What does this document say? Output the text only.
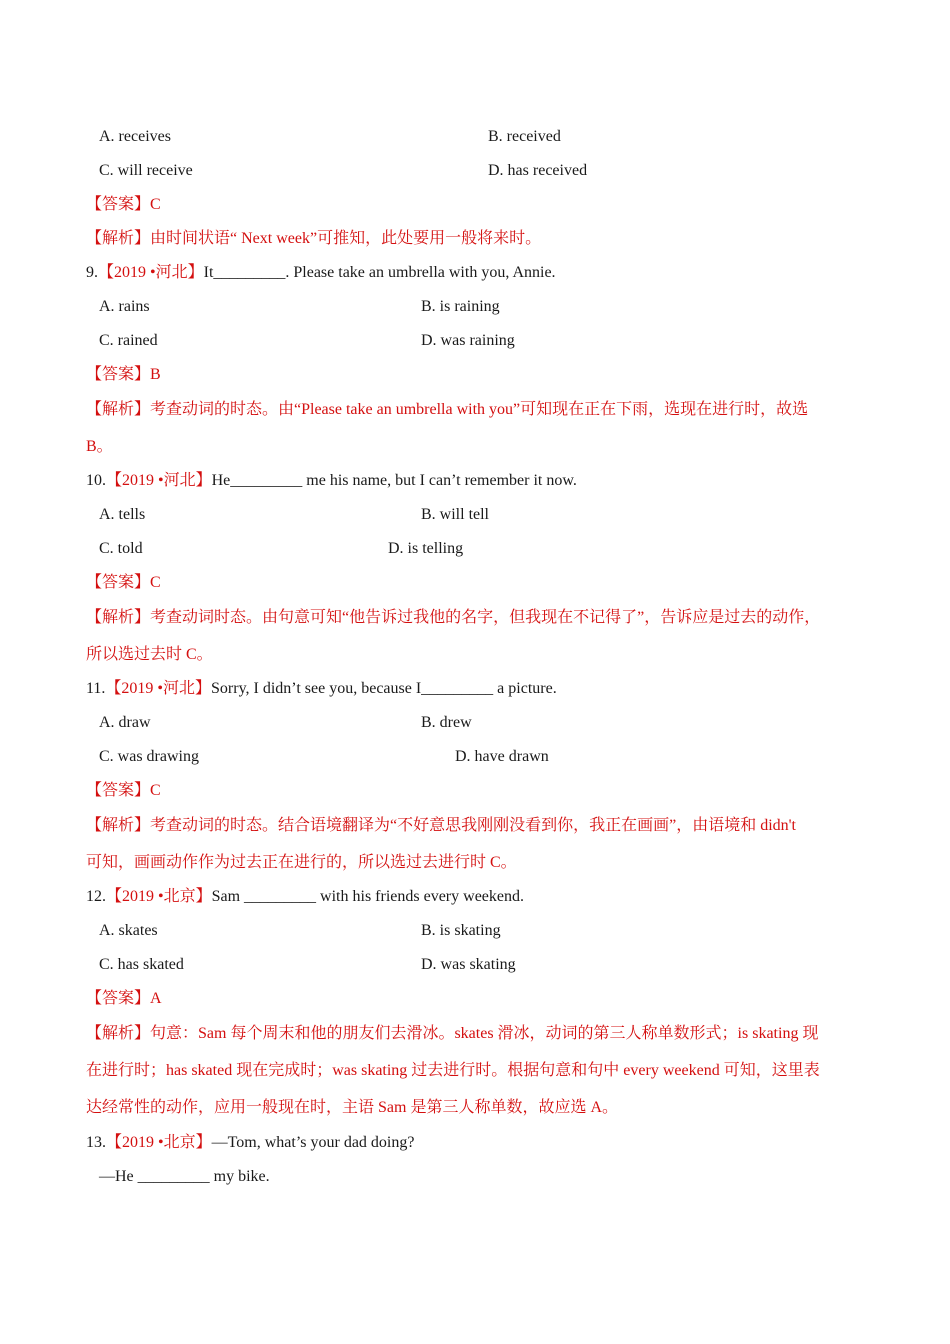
A. receives	B. received
C. will receive	D. has received
【答案】C
【解析】由时间状语“ Next week”可推知，此处要用一般将来时。
9.【2019 •河北】It_________. Please take an umbrella with you, Annie.
A. rains	B. is raining
C. rained	D. was raining
【答案】B
【解析】考查动词的时态。由“Please take an umbrella with you”可知现在正在下雨，选现在进行时，故选
B。
10.【2019 •河北】He_________ me his name, but I can’t remember it now.
A. tells	B. will tell
C. told	D. is telling
【答案】C
【解析】考查动词时态。由句意可知“他告诉过我他的名字，但我现在不记得了”，告诉应是过去的动作，
所以选过去时 C。
11.【2019 •河北】Sorry, I didn’t see you, because I_________ a picture.
A. draw	B. drew
C. was drawing	D. have drawn
【答案】C
【解析】考查动词的时态。结合语境翻译为“不好意思我刚刚没看到你，我正在画画”，由语境和 didn't
可知，画画动作作为过去正在进行的，所以选过去进行时 C。
12.【2019 •北京】Sam _________ with his friends every weekend.
A. skates	B. is skating
C. has skated	D. was skating
【答案】A
【解析】句意：Sam 每个周末和他的朋友们去滑冰。skates 滑冰，动词的第三人称单数形式；is skating 现
在进行时；has skated 现在完成时；was skating 过去进行时。根据句意和句中 every weekend 可知，这里表
达经常性的动作，应用一般现在时，主语 Sam 是第三人称单数，故应选 A。
13.【2019 •北京】—Tom, what’s your dad doing?
—He _________ my bike.
